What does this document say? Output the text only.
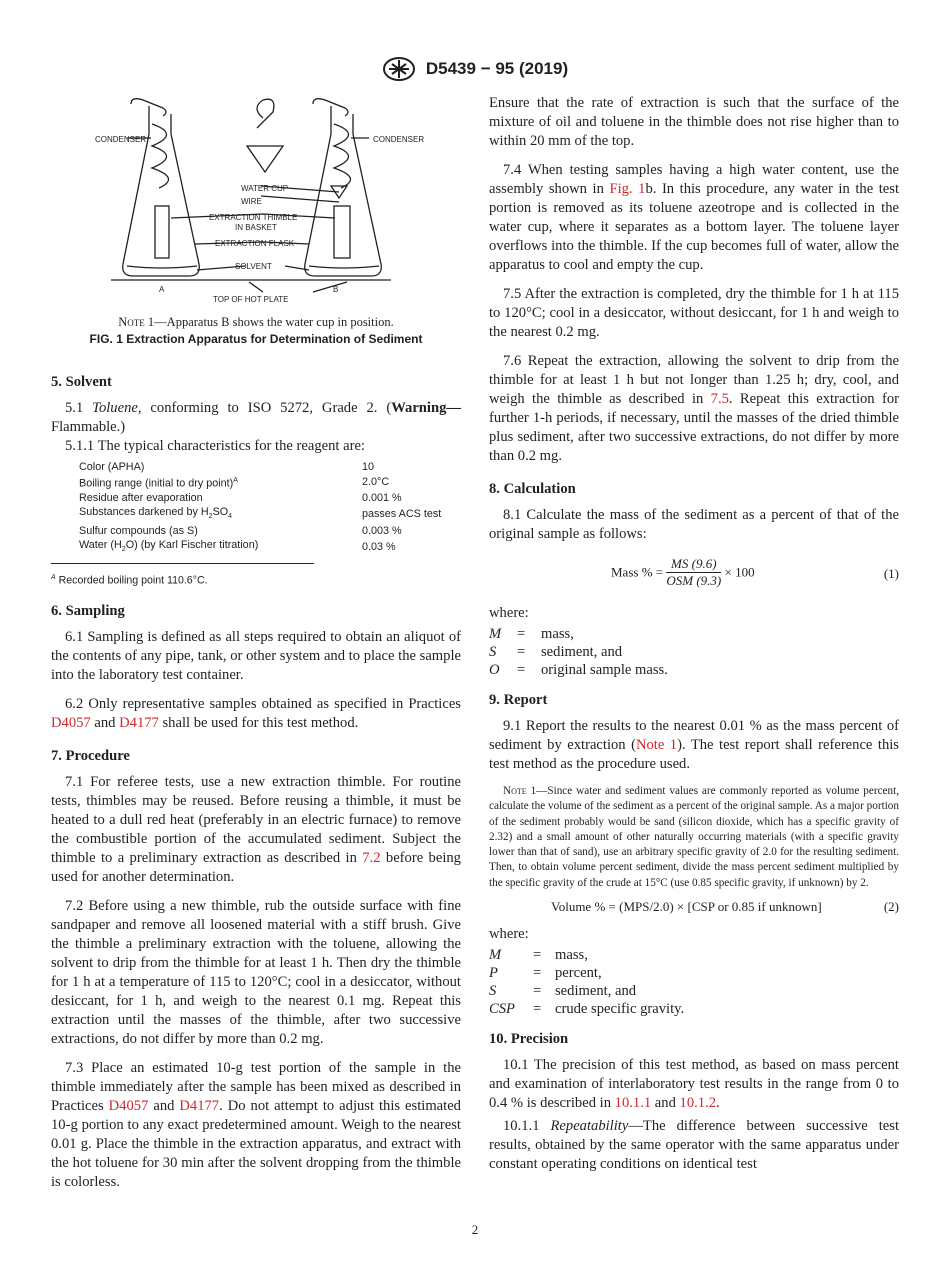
D5439 − 95 (2019)
CONDENSER	CONDENSER
WATER CUP
WIRE
EXTRACTION THIMBLE
IN BASKET
EXTRACTION FLASK
SOLVENT
A	B
TOP OF HOT PLATE

Note 1—Apparatus B shows the water cup in position.

FIG. 1 Extraction Apparatus for Determination of Sediment

5. Solvent

5.1 Toluene, conforming to ISO 5272, Grade 2. (Warning—Flammable.)

5.1.1 The typical characteristics for the reagent are:

Color (APHA)	10
Boiling range (initial to dry point)$^A$	2.0°C
Residue after evaporation	0.001 %
Substances darkened by $H_2SO_4$	passes ACS test
Sulfur compounds (as S)	0.003 %
Water $(H_2O)$ (by Karl Fischer titration)	0.03 %
$^A$ Recorded boiling point 110.6°C.
6. Sampling

6.1 Sampling is defined as all steps required to obtain an aliquot of the contents of any pipe, tank, or other system and to place the sample into the laboratory test container.

6.2 Only representative samples obtained as specified in Practices D4057 and D4177 shall be used for this test method.

7. Procedure

7.1 For referee tests, use a new extraction thimble. For routine tests, thimbles may be reused. Before reusing a thimble, it must be heated to a dull red heat (preferably in an electric furnace) to remove the combustible portion of the accumulated sediment. Subject the thimble to a preliminary extraction as described in 7.2 before being used for another determination.

7.2 Before using a new thimble, rub the outside surface with fine sandpaper and remove all loosened material with a stiff brush. Give the thimble a preliminary extraction with the toluene, allowing the solvent to drip from the thimble for at least 1 h. Then dry the thimble for 1 h at a temperature of 115 to 120°C; cool in a desiccator, without desiccant, for 1 h, and weigh to the nearest 0.1 mg. Repeat this extraction until the masses of the thimble, after two successive extractions, do not differ by more than 0.2 mg.

7.3 Place an estimated 10-g test portion of the sample in the thimble immediately after the sample has been mixed as described in Practices D4057 and D4177. Do not attempt to adjust this estimated 10-g portion to any exact predetermined amount. Weigh to the nearest 0.01 g. Place the thimble in the extraction apparatus, and extract with the hot toluene for 30 min after the solvent dropping from the thimble is colorless.

Ensure that the rate of extraction is such that the surface of the mixture of oil and toluene in the thimble does not rise higher than to within 20 mm of the top.

7.4 When testing samples having a high water content, use the assembly shown in Fig. 1b. In this procedure, any water in the test portion is removed as its toluene azeotrope and is collected in the water cup, where it separates as a bottom layer. The toluene layer overflows into the thimble. If the cup becomes full of water, allow the apparatus to cool and empty the cup.

7.5 After the extraction is completed, dry the thimble for 1 h at 115 to 120°C; cool in a desiccator, without desiccant, for 1 h and weigh to the nearest 0.2 mg.

7.6 Repeat the extraction, allowing the solvent to drip from the thimble for at least 1 h but not longer than 1.25 h; dry, cool, and weigh the thimble as described in 7.5. Repeat this extraction for further 1-h periods, if necessary, until the masses of the dried thimble plus sediment, after two successive extractions, do not differ by more than 0.2 mg.

8. Calculation

8.1 Calculate the mass of the sediment as a percent of that of the original sample as follows:

Mass % = $\frac{MS (9.6)}{\text{OSM (9.3)}} \times 100$	(1)

where:

M	=	mass,
S	=	sediment, and
O	=	original sample mass.
9. Report

9.1 Report the results to the nearest 0.01 % as the mass percent of sediment by extraction (Note 1). The test report shall reference this test method as the procedure used.

Note 1—Since water and sediment values are commonly reported as volume percent, calculate the volume of the sediment as a percent of the original sample. As a major portion of the sediment probably would be sand (silicon dioxide, which has a specific gravity of 2.32) and a small amount of other naturally occurring materials (with a specific gravity lower than that of sand), use an arbitrary specific gravity of 2.0 for the resulting sediment. Then, to obtain volume percent sediment, divide the mass percent sediment multiplied by the specific gravity of the crude at 15°C (use 0.85 specific gravity, if unknown) by 2.

Volume % = (MPS/2.0) × [CSP or 0.85 if unknown]	(2)

where:

M	=	mass,
P	=	percent,
S	=	sediment, and
CSP	=	crude specific gravity.
10. Precision

10.1 The precision of this test method, as based on mass percent and examination of interlaboratory test results in the range from 0 to 0.4 % is described in 10.1.1 and 10.1.2.

10.1.1 Repeatability—The difference between successive test results, obtained by the same operator with the same apparatus under constant operating conditions on identical test

2
